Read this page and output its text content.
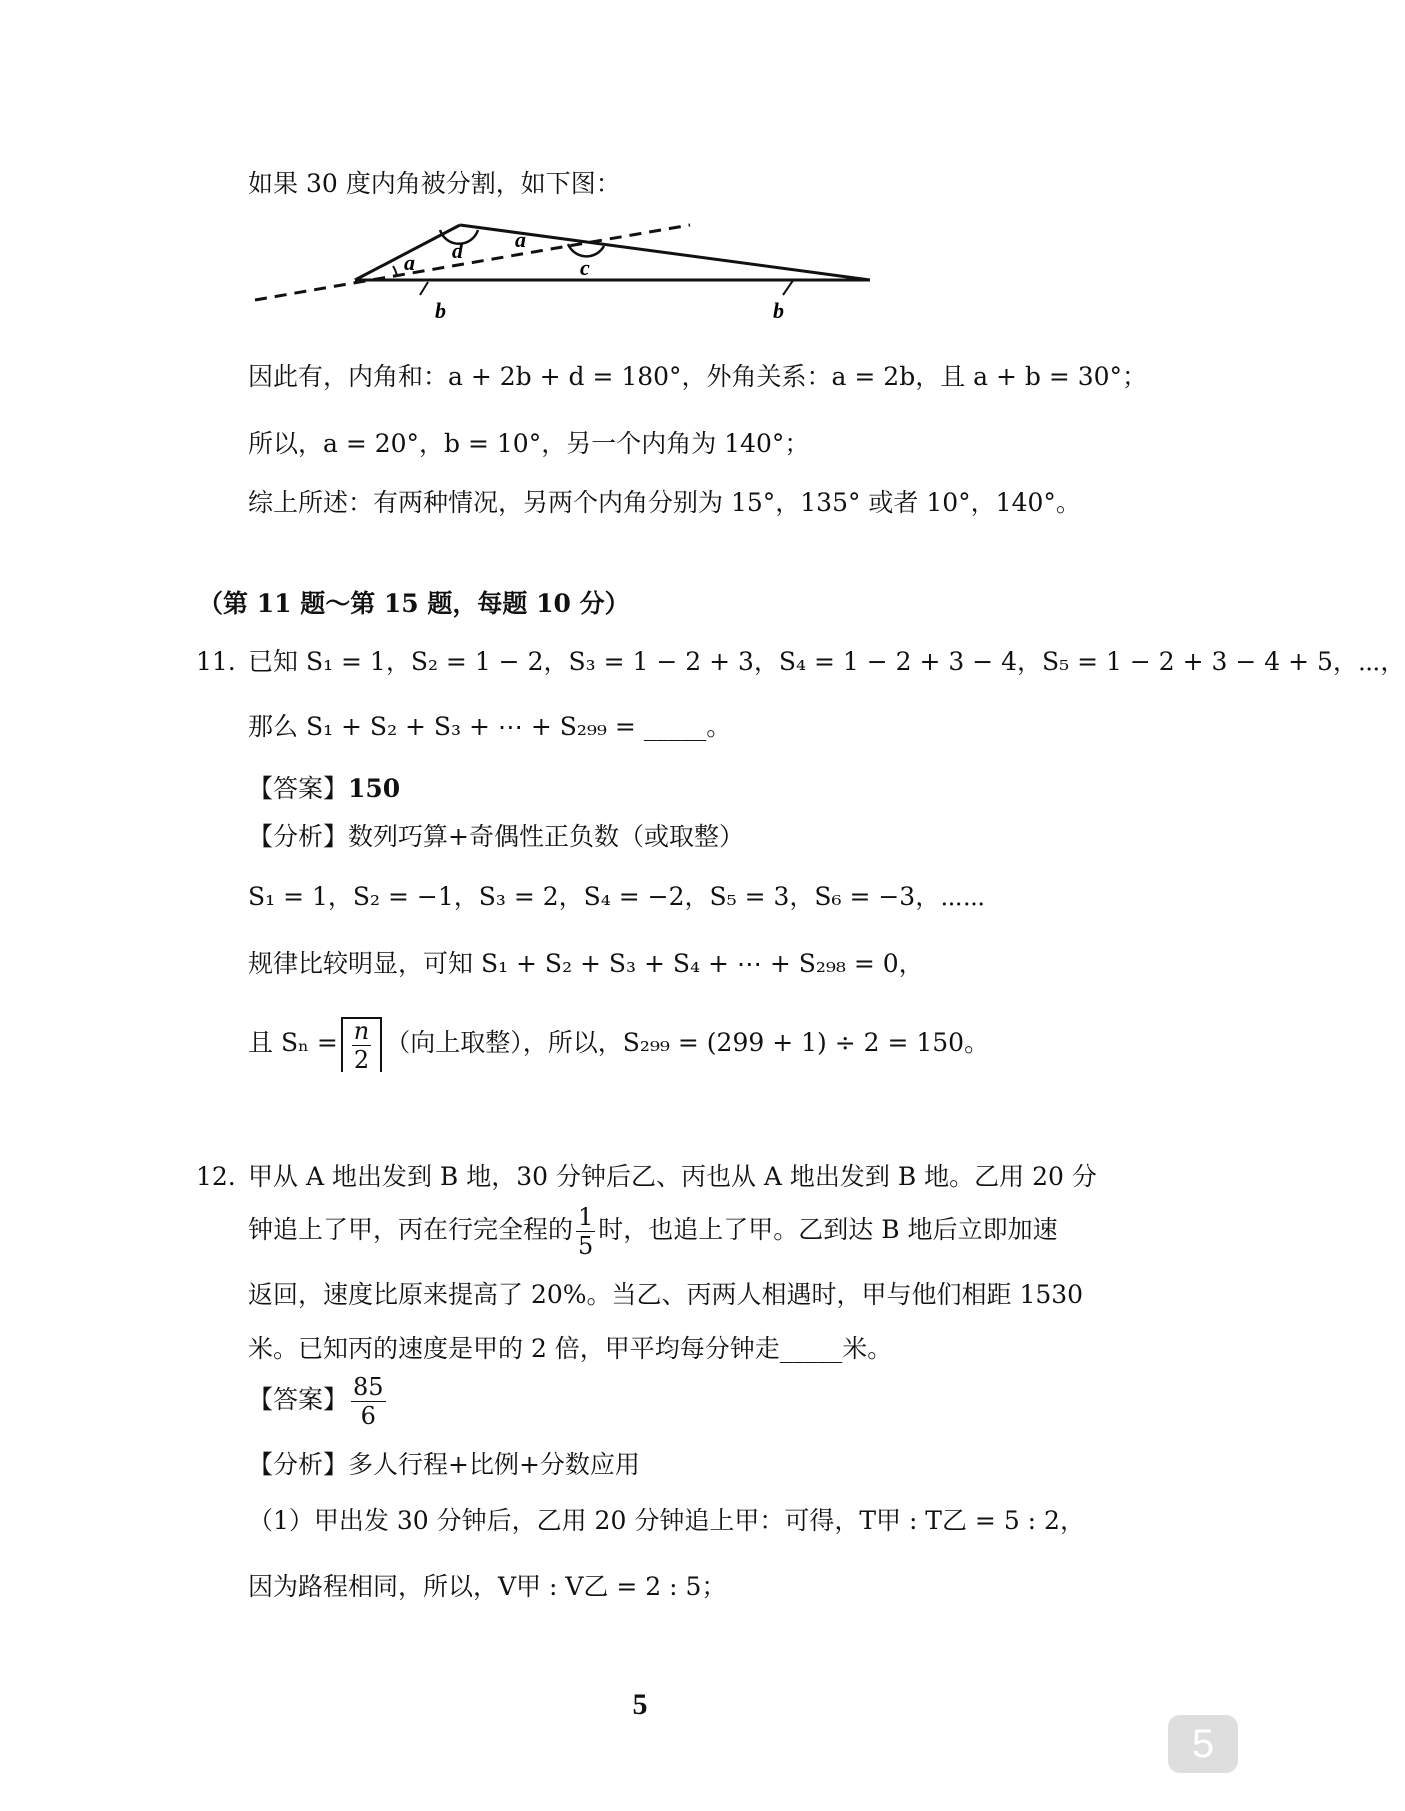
如果 30 度内角被分割，如下图：
a d a
c
b	b
因此有，内角和：a + 2b + d = 180°，外角关系：a = 2b，且 a + b = 30°；
所以，a = 20°，b = 10°，另一个内角为 140°；
综上所述：有两种情况，另两个内角分别为 15°，135° 或者 10°，140°。
（第 11 题～第 15 题，每题 10 分）
11. 已知 S₁ = 1，S₂ = 1 − 2，S₃ = 1 − 2 + 3，S₄ = 1 − 2 + 3 − 4，S₅ = 1 − 2 + 3 − 4 + 5，⋯，
那么 S₁ + S₂ + S₃ + ⋯ + S₂₉₉ = _____。
【答案】150
【分析】数列巧算+奇偶性正负数（或取整）
S₁ = 1，S₂ = −1，S₃ = 2，S₄ = −2，S₅ = 3，S₆ = −3，⋯⋯
规律比较明显，可知 S₁ + S₂ + S₃ + S₄ + ⋯ + S₂₉₈ = 0，
且 $S_n = \frac{n}{2}$ （向上取整），所以，S₂₉₉ = (299 + 1) ÷ 2 = 150。
12. 甲从 A 地出发到 B 地，30 分钟后乙、丙也从 A 地出发到 B 地。乙用 20 分
钟追上了甲，丙在行完全程的 $\frac{1}{5}$ 时，也追上了甲。乙到达 B 地后立即加速
返回，速度比原来提高了 20%。当乙、丙两人相遇时，甲与他们相距 1530
米。已知丙的速度是甲的 2 倍，甲平均每分钟走_____米。
【答案】 $\frac{85}{6}$
【分析】多人行程+比例+分数应用
（1）甲出发 30 分钟后，乙用 20 分钟追上甲：可得，T甲 : T乙 = 5 : 2，
因为路程相同，所以，V甲 : V乙 = 2 : 5；
5
5
